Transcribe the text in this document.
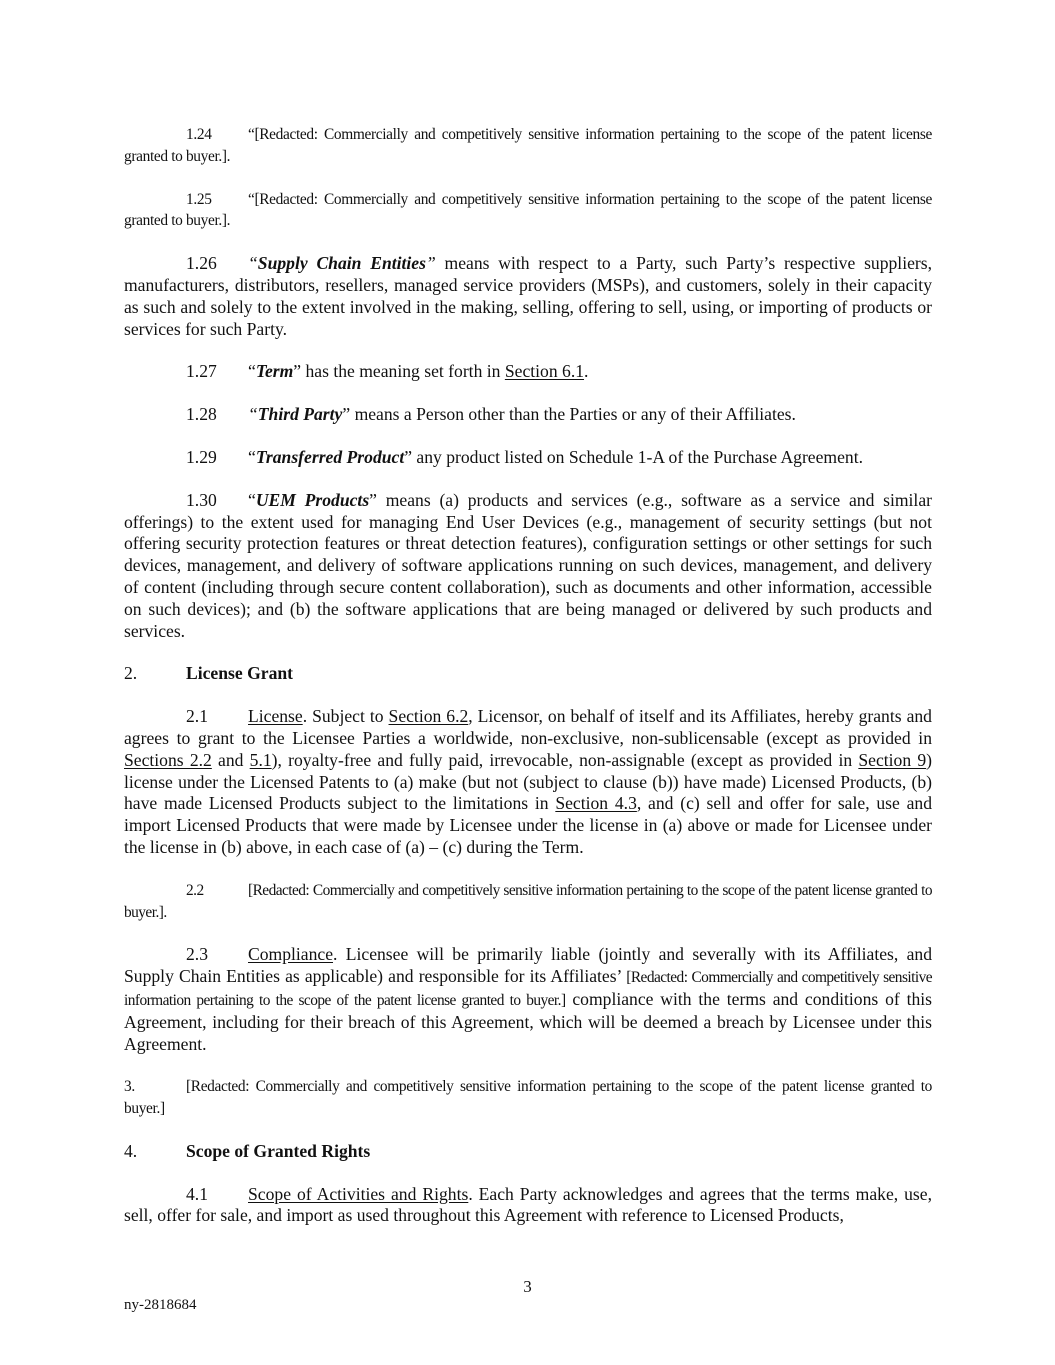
1.24 “[Redacted: Commercially and competitively sensitive information pertaining to the scope of the patent license granted to buyer.].

1.25 “[Redacted: Commercially and competitively sensitive information pertaining to the scope of the patent license granted to buyer.].

1.26 “Supply Chain Entities” means with respect to a Party, such Party’s respective suppliers, manufacturers, distributors, resellers, managed service providers (MSPs), and customers, solely in their capacity as such and solely to the extent involved in the making, selling, offering to sell, using, or importing of products or services for such Party.

1.27 “Term” has the meaning set forth in Section 6.1.

1.28 “Third Party” means a Person other than the Parties or any of their Affiliates.

1.29 “Transferred Product” any product listed on Schedule 1-A of the Purchase Agreement.

1.30 “UEM Products” means (a) products and services (e.g., software as a service and similar offerings) to the extent used for managing End User Devices (e.g., management of security settings (but not offering security protection features or threat detection features), configuration settings or other settings for such devices, management, and delivery of software applications running on such devices, management, and delivery of content (including through secure content collaboration), such as documents and other information, accessible on such devices); and (b) the software applications that are being managed or delivered by such products and services.

2.	License Grant

2.1 License. Subject to Section 6.2, Licensor, on behalf of itself and its Affiliates, hereby grants and agrees to grant to the Licensee Parties a worldwide, non-exclusive, non-sublicensable (except as provided in Sections 2.2 and 5.1), royalty-free and fully paid, irrevocable, non-assignable (except as provided in Section 9) license under the Licensed Patents to (a) make (but not (subject to clause (b)) have made) Licensed Products, (b) have made Licensed Products subject to the limitations in Section 4.3, and (c) sell and offer for sale, use and import Licensed Products that were made by Licensee under the license in (a) above or made for Licensee under the license in (b) above, in each case of (a) – (c) during the Term.

2.2	[Redacted: Commercially and competitively sensitive information pertaining to the scope of the patent license granted to buyer.].

2.3 Compliance. Licensee will be primarily liable (jointly and severally with its Affiliates, and Supply Chain Entities as applicable) and responsible for its Affiliates’ [Redacted: Commercially and competitively sensitive information pertaining to the scope of the patent license granted to buyer.] compliance with the terms and conditions of this Agreement, including for their breach of this Agreement, which will be deemed a breach by Licensee under this Agreement.

3.	[Redacted: Commercially and competitively sensitive information pertaining to the scope of the patent license granted to buyer.]

4.	Scope of Granted Rights

4.1 Scope of Activities and Rights. Each Party acknowledges and agrees that the terms make, use, sell, offer for sale, and import as used throughout this Agreement with reference to Licensed Products,

3
ny-2818684
